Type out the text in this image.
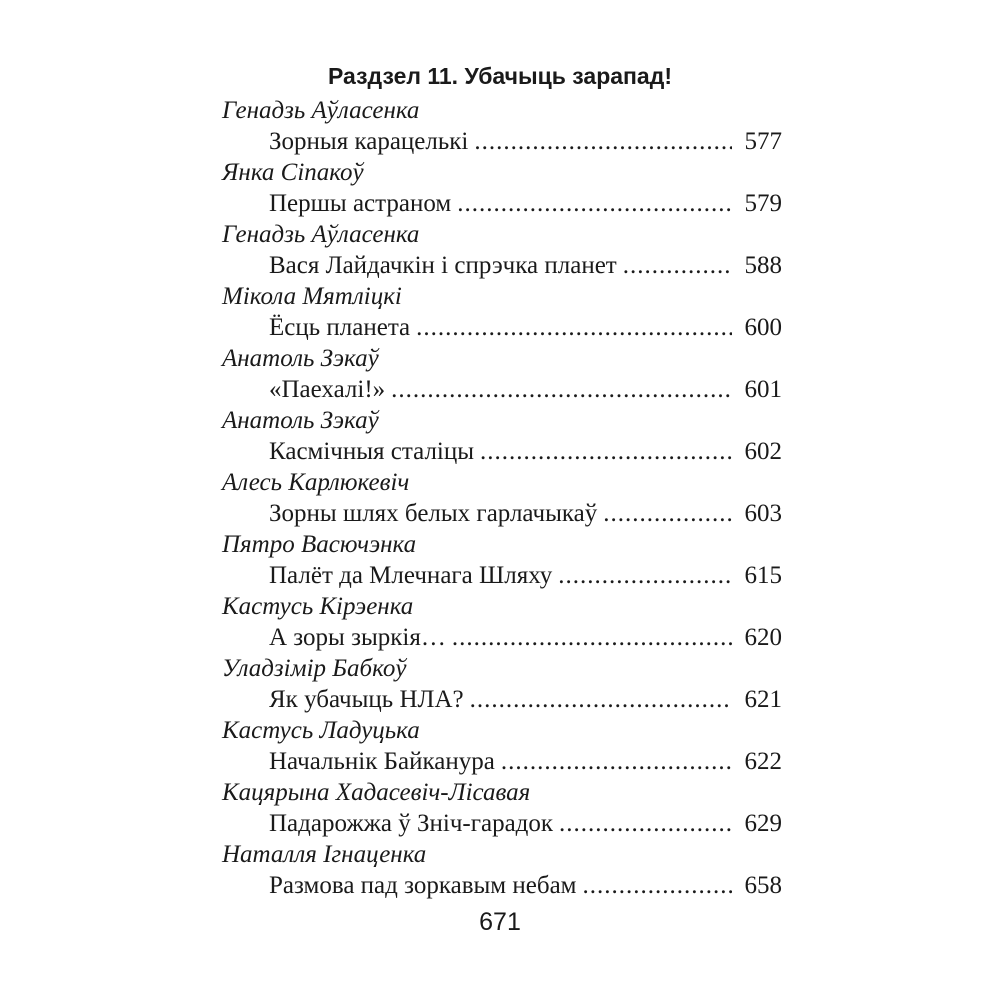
Раздзел 11. Убачыць зарапад!
Генадзь Аўласенка
Зорныя карацелькі .....	577
Янка Сіпакоў
Першы астраном .....	579
Генадзь Аўласенка
Вася Лайдачкін і спрэчка планет .....	588
Мікола Мятліцкі
Ёсць планета .....	600
Анатоль Зэкаў
«Паехалі!» .....	601
Анатоль Зэкаў
Касмічныя сталіцы .....	602
Алесь Карлюкевіч
Зорны шлях белых гарлачыкаў .....	603
Пятро Васючэнка
Палёт да Млечнага Шляху .....	615
Кастусь Кірэенка
А зоры зыркія… .....	620
Уладзімір Бабкоў
Як убачыць НЛА? .....	621
Кастусь Ладуцька
Начальнік Байканура .....	622
Кацярына Хадасевіч-Лісавая
Падарожжа ў Зніч-гарадок .....	629
Наталля Ігнаценка
Размова пад зоркавым небам .....	658
671
